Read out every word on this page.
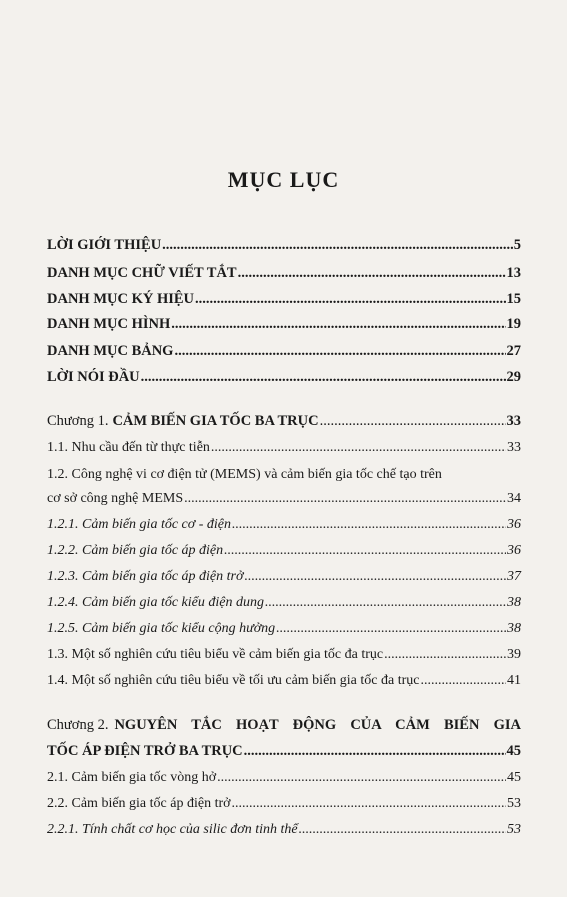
MỤC LỤC
LỜI GIỚI THIỆU .....	5
DANH MỤC CHỮ VIẾT TẮT .....	13
DANH MỤC KÝ HIỆU .....	15
DANH MỤC HÌNH .....	19
DANH MỤC BẢNG .....	27
LỜI NÓI ĐẦU .....	29
Chương 1. CẢM BIẾN GIA TỐC BA TRỤC .....	33
1.1. Nhu cầu đến từ thực tiễn .....	33
1.2. Công nghệ vi cơ điện tử (MEMS) và cảm biến gia tốc chế tạo trên
cơ sở công nghệ MEMS .....	34
1.2.1. Cảm biến gia tốc cơ - điện .....	36
1.2.2. Cảm biến gia tốc áp điện .....	36
1.2.3. Cảm biến gia tốc áp điện trở .....	37
1.2.4. Cảm biến gia tốc kiểu điện dung .....	38
1.2.5. Cảm biến gia tốc kiểu cộng hưởng .....	38
1.3. Một số nghiên cứu tiêu biểu về cảm biến gia tốc đa trục .....	39
1.4. Một số nghiên cứu tiêu biểu về tối ưu cảm biến gia tốc đa trục .....	41
Chương 2. NGUYÊN TẮC HOẠT ĐỘNG CỦA CẢM BIẾN GIA
TỐC ÁP ĐIỆN TRỞ BA TRỤC .....	45
2.1. Cảm biến gia tốc vòng hở .....	45
2.2. Cảm biến gia tốc áp điện trở .....	53
2.2.1. Tính chất cơ học của silic đơn tinh thể .....	53
